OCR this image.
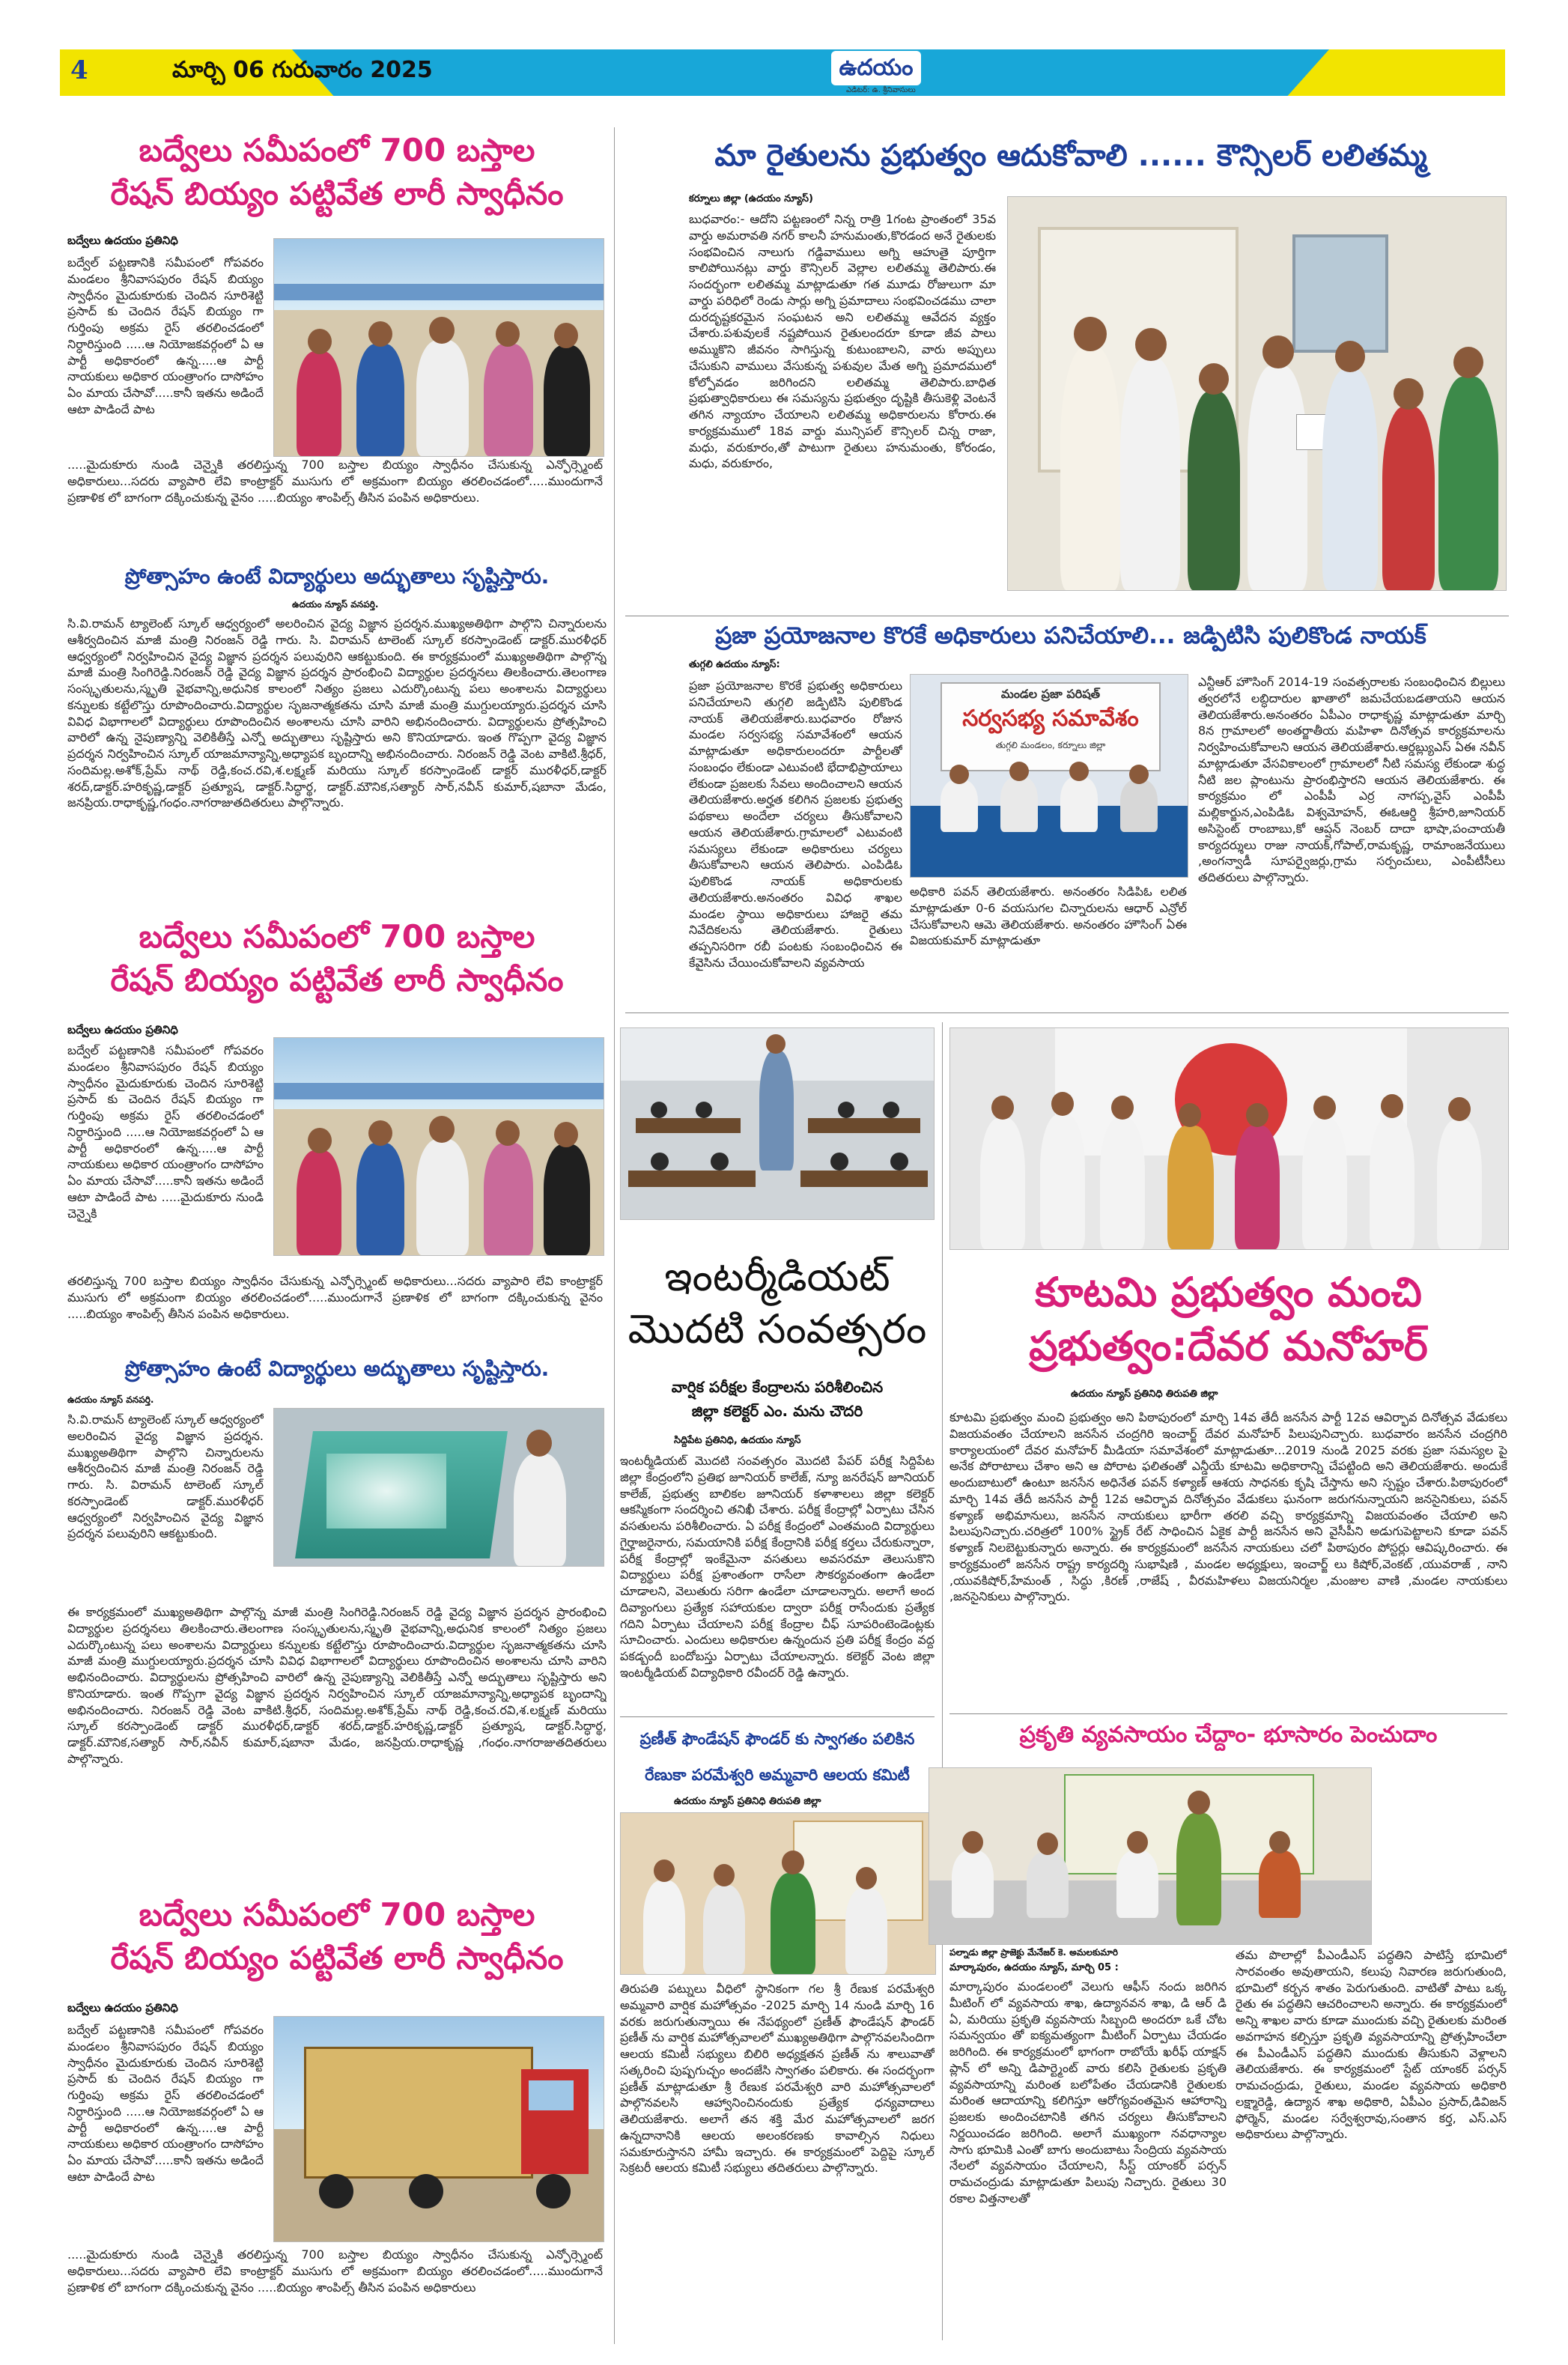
4	మార్చి 06 గురువారం 2025	ఉదయం
ఎడిటర్: ఉ. శ్రీనివాసులు
బద్వేలు సమీపంలో 700 బస్తాల
రేషన్ బియ్యం పట్టివేత లారీ స్వాధీనం
బద్వేలు ఉదయం ప్రతినిధి

బద్వేల్ పట్టణానికి సమీపంలో గోపవరం మండలం శ్రీనివాసపురం రేషన్ బియ్యం స్వాధీనం మైదుకూరుకు చెందిన సూరిశెట్టి ప్రసాద్ కు చెందిన రేషన్ బియ్యం గా గుర్తింపు అక్రమ రైస్ తరలించడంలో నిర్ధారిస్తుంది .....ఆ నియోజకవర్గంలో ఏ ఆ పార్టీ అధికారంలో ఉన్న.....ఆ పార్టీ నాయకులు అధికార యంత్రాంగం దాసోహం ఏం మాయ చేసావో.....కానీ ఇతను అడిందే ఆటా పాడిందే పాట

.....మైదుకూరు నుండి చెన్నైకి తరలిస్తున్న 700 బస్తాల బియ్యం స్వాధీనం చేసుకున్న ఎన్ఫోర్స్మెంట్ అధికారులు...సదరు వ్యాపారి లేవి కాంట్రాక్టర్ ముసుగు లో అక్రమంగా బియ్యం తరలించడంలో.....ముందుగానే ప్రణాళిక లో బాగంగా దక్కించుకున్న వైనం .....బియ్యం శాంపిల్స్ తీసిన పంపిన అధికారులు.

ప్రోత్సాహం ఉంటే విద్యార్థులు అద్భుతాలు సృష్టిస్తారు.
ఉదయం న్యూస్ వనపర్తి.

సి.వి.రామన్ ట్యాలెంట్ స్కూల్ ఆధ్వర్యంలో అలరించిన వైద్య విజ్ఞాన ప్రదర్శన.ముఖ్యఅతిథిగా పాల్గొని చిన్నారులను ఆశీర్వదించిన మాజీ మంత్రి నిరంజన్ రెడ్డి గారు. సి. విరామన్ టాలెంట్ స్కూల్ కరస్పాండెంట్ డాక్టర్.మురళీధర్ ఆధ్వర్యంలో నిర్వహించిన వైద్య విజ్ఞాన ప్రదర్శన పలువురిని ఆకట్టుకుంది. ఈ కార్యక్రమంలో ముఖ్యఅతిథిగా పాల్గొన్న మాజీ మంత్రి సింగిరెడ్డి.నిరంజన్ రెడ్డి వైద్య విజ్ఞాన ప్రదర్శన ప్రారంభించి విద్యార్థుల ప్రదర్శనలు తిలకించారు.తెలంగాణ సంస్కృతులను,స్మృతి వైభవాన్ని,అధునిక కాలంలో నిత్యం ప్రజలు ఎదుర్కొంటున్న పలు అంశాలను విద్యార్థులు కన్నులకు కట్టేలొస్తు రూపొందించారు.విద్యార్థుల సృజనాత్మకతను చూసి మాజీ మంత్రి ముగ్దులయ్యారు.ప్రదర్శన చూసి వివిధ విభాగాలలో విద్యార్థులు రూపొందించిన అంశాలను చూసి వారిని అభినందించారు. విద్యార్థులను ప్రోత్సహించి వారిలో ఉన్న నైపుణ్యాన్ని వెలికితీస్తే ఎన్నో అద్భుతాలు సృష్టిస్తారు అని కొనియాడారు. ఇంత గొప్పగా వైద్య విజ్ఞాన ప్రదర్శన నిర్వహించిన స్కూల్ యాజమాన్యాన్ని,అధ్యాపక బృందాన్ని అభినందించారు. నిరంజన్ రెడ్డి వెంట వాకిటి.శ్రీధర్, సందిమల్ల.అశోక్,ప్రేమ్ నాథ్ రెడ్డి,కంచ.రవి,శ.లక్ష్మణ్ మరియు స్కూల్ కరస్పాండెంట్ డాక్టర్ మురళీధర్,డాక్టర్ శరద్,డాక్టర్.హరికృష్ణ,డాక్టర్ ప్రత్యూష, డాక్టర్.సిద్ధార్థ, డాక్టర్.మౌనిక,సత్యార్ సార్,నవీన్ కుమార్,షబానా మేడం, జనప్రియ.రాధాకృష్ణ,గంధం.నాగరాజుతదితరులు పాల్గొన్నారు.

బద్వేలు సమీపంలో 700 బస్తాల
రేషన్ బియ్యం పట్టివేత లారీ స్వాధీనం
బద్వేలు ఉదయం ప్రతినిధి

బద్వేల్ పట్టణానికి సమీపంలో గోపవరం మండలం శ్రీనివాసపురం రేషన్ బియ్యం స్వాధీనం మైదుకూరుకు చెందిన సూరిశెట్టి ప్రసాద్ కు చెందిన రేషన్ బియ్యం గా గుర్తింపు అక్రమ రైస్ తరలించడంలో నిర్ధారిస్తుంది .....ఆ నియోజకవర్గంలో ఏ ఆ పార్టీ అధికారంలో ఉన్న.....ఆ పార్టీ నాయకులు అధికార యంత్రాంగం దాసోహం ఏం మాయ చేసావో.....కానీ ఇతను అడిందే ఆటా పాడిందే పాట .....మైదుకూరు నుండి చెన్నైకి

తరలిస్తున్న 700 బస్తాల బియ్యం స్వాధీనం చేసుకున్న ఎన్ఫోర్స్మెంట్ అధికారులు...సదరు వ్యాపారి లేవి కాంట్రాక్టర్ ముసుగు లో అక్రమంగా బియ్యం తరలించడంలో.....ముందుగానే ప్రణాళిక లో బాగంగా దక్కించుకున్న వైనం .....బియ్యం శాంపిల్స్ తీసిన పంపిన అధికారులు.

ప్రోత్సాహం ఉంటే విద్యార్థులు అద్భుతాలు సృష్టిస్తారు.
ఉదయం న్యూస్ వనపర్తి.

సి.వి.రామన్ ట్యాలెంట్ స్కూల్ ఆధ్వర్యంలో అలరించిన వైద్య విజ్ఞాన ప్రదర్శన. ముఖ్యఅతిథిగా పాల్గొని చిన్నారులను ఆశీర్వదించిన మాజీ మంత్రి నిరంజన్ రెడ్డి గారు. సి. విరామన్ టాలెంట్ స్కూల్ కరస్పాండెంట్ డాక్టర్.మురళీధర్ ఆధ్వర్యంలో నిర్వహించిన వైద్య విజ్ఞాన ప్రదర్శన పలువురిని ఆకట్టుకుంది.

ఈ కార్యక్రమంలో ముఖ్యఅతిథిగా పాల్గొన్న మాజీ మంత్రి సింగిరెడ్డి.నిరంజన్ రెడ్డి వైద్య విజ్ఞాన ప్రదర్శన ప్రారంభించి విద్యార్థుల ప్రదర్శనలు తిలకించారు.తెలంగాణ సంస్కృతులను,స్మృతి వైభవాన్ని,అధునిక కాలంలో నిత్యం ప్రజలు ఎదుర్కొంటున్న పలు అంశాలను విద్యార్థులు కన్నులకు కట్టేలొస్తు రూపొందించారు.విద్యార్థుల సృజనాత్మకతను చూసి మాజీ మంత్రి ముగ్దులయ్యారు.ప్రదర్శన చూసి వివిధ విభాగాలలో విద్యార్థులు రూపొందించిన అంశాలను చూసి వారిని అభినందించారు. విద్యార్థులను ప్రోత్సహించి వారిలో ఉన్న నైపుణ్యాన్ని వెలికితీస్తే ఎన్నో అద్భుతాలు సృష్టిస్తారు అని కొనియాడారు. ఇంత గొప్పగా వైద్య విజ్ఞాన ప్రదర్శన నిర్వహించిన స్కూల్ యాజమాన్యాన్ని,అధ్యాపక బృందాన్ని అభినందించారు. నిరంజన్ రెడ్డి వెంట వాకిటి.శ్రీధర్, సందిమల్ల.అశోక్,ప్రేమ్ నాథ్ రెడ్డి,కంచ.రవి,శ.లక్ష్మణ్ మరియు స్కూల్ కరస్పాండెంట్ డాక్టర్ మురళీధర్,డాక్టర్ శరద్,డాక్టర్.హరికృష్ణ,డాక్టర్ ప్రత్యూష, డాక్టర్.సిద్ధార్థ, డాక్టర్.మౌనిక,సత్యార్ సార్,నవీన్ కుమార్,షబానా మేడం, జనప్రియ.రాధాకృష్ణ ,గంధం.నాగరాజుతదితరులు పాల్గొన్నారు.

బద్వేలు సమీపంలో 700 బస్తాల
రేషన్ బియ్యం పట్టివేత లారీ స్వాధీనం
బద్వేలు ఉదయం ప్రతినిధి

బద్వేల్ పట్టణానికి సమీపంలో గోపవరం మండలం శ్రీనివాసపురం రేషన్ బియ్యం స్వాధీనం మైదుకూరుకు చెందిన సూరిశెట్టి ప్రసాద్ కు చెందిన రేషన్ బియ్యం గా గుర్తింపు అక్రమ రైస్ తరలించడంలో నిర్ధారిస్తుంది .....ఆ నియోజకవర్గంలో ఏ ఆ పార్టీ అధికారంలో ఉన్న.....ఆ పార్టీ నాయకులు అధికార యంత్రాంగం దాసోహం ఏం మాయ చేసావో.....కానీ ఇతను అడిందే ఆటా పాడిందే పాట

.....మైదుకూరు నుండి చెన్నైకి తరలిస్తున్న 700 బస్తాల బియ్యం స్వాధీనం చేసుకున్న ఎన్ఫోర్స్మెంట్ అధికారులు...సదరు వ్యాపారి లేవి కాంట్రాక్టర్ ముసుగు లో అక్రమంగా బియ్యం తరలించడంలో.....ముందుగానే ప్రణాళిక లో బాగంగా దక్కించుకున్న వైనం .....బియ్యం శాంపిల్స్ తీసిన పంపిన అధికారులు

మా రైతులను ప్రభుత్వం ఆదుకోవాలి ...... కౌన్సిలర్ లలితమ్మ
కర్నూలు జిల్లా (ఉదయం న్యూస్)

బుధవారం:- ఆదోని పట్టణంలో నిన్న రాత్రి 1గంట ప్రాంతంలో 35వ వార్డు అమరావతి నగర్ కాలనీ హనుమంతు,కొరడంద అనే రైతులకు సంభవించిన నాలుగు గడ్డివాములు అగ్ని ఆహుతై పూర్తిగా కాలిపోయినట్లు వార్డు కౌన్సిలర్ వెల్లాల లలితమ్మ తెలిపారు.ఈ సందర్భంగా లలితమ్మ మాట్లాడుతూ గత మూడు రోజులుగా మా వార్డు పరిధిలో రెండు సార్లు అగ్ని ప్రమాదాలు సంభవించడము చాలా దురదృష్టకరమైన సంఘటన అని లలితమ్మ ఆవేదన వ్యక్తం చేశారు.పశువులకే నష్టపోయిన రైతులందరూ కూడా జీవ పాలు అమ్ముకొని జీవనం సాగిస్తున్న కుటుంబాలని, వారు అప్పులు చేసుకుని వాములు వేసుకున్న పశువుల మేత అగ్ని ప్రమాదములో కోల్పోవడం జరిగిందని లలితమ్మ తెలిపారు.బాధిత ప్రభుత్వాధికారులు ఈ సమస్యను ప్రభుత్వం దృష్టికి తీసుకెళ్లి వెంటనే తగిన న్యాయాం చేయాలని లలితమ్మ అధికారులను కోరారు.ఈ కార్యక్రమములో 18వ వార్డు మున్సిపల్ కౌన్సిలర్ చిన్న రాజా, మధు, వరుకూరం,తో పాటుగా రైతులు హనుమంతు, కోరండం, మధు, వరుకూరం,

ప్రజా ప్రయోజనాల కొరకే అధికారులు పనిచేయాలి... జడ్పిటిసి పులికొండ నాయక్
తుగ్గలి ఉదయం న్యూస్:
మండల ప్రజా పరిషత్
సర్వసభ్య సమావేశం
తుగ్గలి మండలం, కర్నూలు జిల్లా

ప్రజా ప్రయోజనాల కొరకే ప్రభుత్వ అధికారులు పనిచేయాలని తుగ్గలి జడ్పిటిసి పులికొండ నాయక్ తెలియజేశారు.బుధవారం రోజున మండల సర్వసభ్య సమావేశంలో ఆయన మాట్లాడుతూ అధికారులందరూ పార్టీలతో సంబంధం లేకుండా ఎటువంటి భేదాభిప్రాయాలు లేకుండా ప్రజలకు సేవలు అందించాలని ఆయన తెలియజేశారు.అర్హత కలిగిన ప్రజలకు ప్రభుత్వ పథకాలు అందేలా చర్యలు తీసుకోవాలని ఆయన తెలియజేశారు.గ్రామాలలో ఎటువంటి సమస్యలు లేకుండా అధికారులు చర్యలు తీసుకోవాలని ఆయన తెలిపారు. ఎంపిడిఓ పులికొండ నాయక్ అధికారులకు తెలియజేశారు.అనంతరం వివిధ శాఖల మండల స్థాయి అధికారులు హాజరై తమ నివేదికలను తెలియజేశారు. రైతులు తప్పనిసరిగా రబీ పంటకు సంబంధించిన ఈ కేవైసిను చేయించుకోవాలని వ్యవసాయ

అధికారి పవన్ తెలియజేశారు. అనంతరం సిడిపిఓ లలిత మాట్లాడుతూ 0-6 వయసుగల చిన్నారులను ఆధార్ ఎన్రోల్ చేసుకోవాలని ఆమె తెలియజేశారు. అనంతరం హౌసింగ్ ఏఈ విజయకుమార్ మాట్లాడుతూ

ఎన్టీఆర్ హౌసింగ్ 2014-19 సంవత్సరాలకు సంబంధించిన బిల్లులు త్వరలోనే లబ్ధిదారుల ఖాతాలో జమచేయబడతాయని ఆయన తెలియజేశారు.అనంతరం ఏపీఎం రాధాకృష్ణ మాట్లాడుతూ మార్చి 8న గ్రామాలలో అంతర్జాతీయ మహిళా దినోత్సవ కార్యక్రమాలను నిర్వహించుకోవాలని ఆయన తెలియజేశారు.ఆర్డబ్ల్యుఎస్ ఏఈ నవీన్ మాట్లాడుతూ వేసవికాలంలో గ్రామాలలో నీటి సమస్య లేకుండా శుద్ధ నీటి జల ప్లాంటును ప్రారంభిస్తారని ఆయన తెలియజేశారు. ఈ కార్యక్రమం లో ఎంపీపీ ఎర్ర నాగప్ప,వైస్ ఎంపీపీ మల్లికార్జున,ఎంపిడిఓ విశ్వమోహన్, ఈఓఆర్డి శ్రీహరి,జూనియర్ అసిస్టెంట్ రాంబాబు,కో ఆప్షన్ నెంబర్ దాదా భాషా,పంచాయతీ కార్యదర్శులు రాజు నాయక్,గోపాల్,రామకృష్ణ, రామాంజనేయులు ,అంగన్వాడీ సూపర్వైజర్లు,గ్రామ సర్పంచులు, ఎంపీటీసీలు తదితరులు పాల్గొన్నారు.

ఇంటర్మీడియట్
మొదటి సంవత్సరం
వార్షిక పరీక్షల కేంద్రాలను పరిశీలించిన
జిల్లా కలెక్టర్ ఎం. మను చౌదరి
సిద్దిపేట ప్రతినిధి, ఉదయం న్యూస్

ఇంటర్మీడియట్ మొదటి సంవత్సరం మొదటి పేపర్ పరీక్ష సిద్దిపేట జిల్లా కేంద్రంలోని ప్రతిభ జూనియర్ కాలేజ్, న్యూ జనరేషన్ జూనియర్ కాలేజ్, ప్రభుత్వ బాలికల జూనియర్ కళాశాలలు జిల్లా కలెక్టర్ ఆకస్మికంగా సందర్శించి తనిఖీ చేశారు. పరీక్ష కేంద్రాల్లో ఏర్పాటు చేసిన వసతులను పరిశీలించారు. ఏ పరీక్ష కేంద్రంలో ఎంతమంది విద్యార్థులు గైర్హాజరైనారు, సమయానికి పరీక్ష కేంద్రానికి పరీక్ష కర్తలు చేరుకున్నారా, పరీక్ష కేంద్రాల్లో ఇంకేమైనా వసతులు అవసరమా తెలుసుకొని విద్యార్థులు పరీక్ష ప్రశాంతంగా రాసేలా సౌకర్యవంతంగా ఉండేలా చూడాలని, వెలుతురు సరిగా ఉండేలా చూడాలన్నారు. అలాగే అంద దివ్యాంగులు ప్రత్యేక సహాయకుల ద్వారా పరీక్ష రాసేందుకు ప్రత్యేక గదిని ఏర్పాటు చేయాలని పరీక్ష కేంద్రాల చీఫ్ సూపరింటెండెంట్లకు సూచించారు. ఎందులు అధికారుల ఉన్నందున ప్రతి పరీక్ష కేంద్రం వద్ద పకడ్బందీ బందోబస్తు ఏర్పాటు చేయాలన్నారు. కలెక్టర్ వెంట జిల్లా ఇంటర్మీడియట్ విద్యాధికారి రవీందర్ రెడ్డి ఉన్నారు.

ప్రణీత్ ఫౌండేషన్ ఫౌండర్ కు స్వాగతం పలికిన
రేణుకా పరమేశ్వరి అమ్మవారి ఆలయ కమిటీ
ఉదయం న్యూస్ ప్రతినిధి తిరుపతి జిల్లా

తిరుపతి పట్నులు వీధిలో స్థానికంగా గల శ్రీ రేణుక పరమేశ్వరి అమ్మవారి వార్షిక మహోత్సవం -2025 మార్చి 14 నుండి మార్చి 16 వరకు జరుగుతున్నాయి ఈ నేపథ్యంలో ప్రణీత్ ఫౌండేషన్ ఫౌండర్ ప్రణీత్ ను వార్షిక మహోత్సవాలలో ముఖ్యఅతిథిగా పాల్గొనవలసిందిగా ఆలయ కమిటీ సభ్యులు బిలిరి అధ్యక్షతన ప్రణీత్ ను శాలువాతో సత్కరించి పుష్పగుచ్ఛం అందజేసి స్వాగతం పలికారు. ఈ సందర్భంగా ప్రణీత్ మాట్లాడుతూ శ్రీ రేణుక పరమేశ్వరి వారి మహోత్సవాలలో పాల్గొనవలసి ఆహ్వానించినందుకు ప్రత్యేక ధన్యవాదాలు తెలియజేశారు. అలాగే తన శక్తి మేర మహోత్సవాలలో జరగ ఉన్నదానానికి ఆలయ అలంకరణకు కావాల్సిన నిధులు సమకూరుస్తానని హామీ ఇచ్చారు. ఈ కార్యక్రమంలో పెద్దిపై స్కూల్ సెక్రటరీ ఆలయ కమిటీ సభ్యులు తదితరులు పాల్గొన్నారు.

కూటమి ప్రభుత్వం మంచి
ప్రభుత్వం:దేవర మనోహర్
ఉదయం న్యూస్ ప్రతినిధి తిరుపతి జిల్లా

కూటమి ప్రభుత్వం మంచి ప్రభుత్వం అని పిఠాపురంలో మార్చి 14వ తేదీ జనసేన పార్టీ 12వ ఆవిర్భావ దినోత్సవ వేడుకలు విజయవంతం చేయాలని జనసేన చంద్రగిరి ఇంచార్జ్ దేవర మనోహర్ పిలుపునిచ్చారు. బుధవారం జనసేన చంద్రగిరి కార్యాలయంలో దేవర మనోహర్ మీడియా సమావేశంలో మాట్లాడుతూ...2019 నుండి 2025 వరకు ప్రజా సమస్యల పై అనేక పోరాటాలు చేశాం అని ఆ పోరాట ఫలితంతో ఎన్డీయే కూటమి అధికారాన్ని చేపట్టింది అని తెలియజేశారు. అందుకే అందుబాటులో ఉంటూ జనసేన అధినేత పవన్ కళ్యాణ్ ఆశయ సాధనకు కృషి చేస్తాను అని స్పష్టం చేశారు.పిఠాపురంలో మార్చి 14వ తేదీ జనసేన పార్టీ 12వ ఆవిర్భావ దినోత్సవం వేడుకలు ఘనంగా జరుగనున్నాయని జనసైనికులు, పవన్ కళ్యాణ్ అభిమానులు, జనసేన నాయకులు భారీగా తరలి వచ్చి కార్యక్రమాన్ని విజయవంతం చేయాలి అని పిలుపునిచ్చారు.చరిత్రలో 100% స్ట్రైక్ రేట్ సాధించిన ఏకైక పార్టీ జనసేన అని వైసీపీని అడుగుపెట్టాలని కూడా పవన్ కళ్యాణ్ నిలబెట్టుకున్నారు అన్నారు. ఈ కార్యక్రమంలో జనసేన నాయకులు చలో పిఠాపురం పోస్టర్లు ఆవిష్కరించారు. ఈ కార్యక్రమంలో జనసేన రాష్ట్ర కార్యదర్శి సుభాషిణి , మండల అధ్యక్షులు, ఇంచార్జ్ లు కిషోర్,వెంకట్ ,యువరాజ్ , నాని ,యువకిషోర్,హేమంత్ , సిద్ధు ,కిరణ్ ,రాజేష్ , వీరమహిళలు విజయనిర్మల ,మంజుల వాణి ,మండల నాయకులు ,జనసైనికులు పాల్గొన్నారు.

ప్రకృతి వ్యవసాయం చేద్దాం- భూసారం పెంచుదాం
పల్నాడు జిల్లా ప్రాజెక్టు మేనేజర్ కె. అమలకుమారి
మార్కాపురం, ఉదయం న్యూస్, మార్చి 05 :

మార్కాపురం మండలంలో వెలుగు ఆఫీస్ నందు జరిగిన మీటింగ్ లో వ్యవసాయ శాఖ, ఉద్యానవన శాఖ, డి ఆర్ డి ఏ, మరియు ప్రకృతి వ్యవసాయ సిబ్బంది అందరూ ఒకే చోట సమన్వయం తో ఐక్యమత్యంగా మీటింగ్ ఏర్పాటు చేయడం జరిగింది. ఈ కార్యక్రమంలో భాగంగా రాబోయే ఖరీఫ్ యాక్షన్ ప్లాన్ లో అన్ని డిపార్ట్మెంట్ వారు కలిసి రైతులకు ప్రకృతి వ్యవసాయాన్ని మరింత బలోపేతం చేయడానికి రైతులకు మరింత ఆదాయాన్ని కలిగిస్తూ ఆరోగ్యవంతమైన ఆహారాన్ని ప్రజలకు అందించటానికి తగిన చర్యలు తీసుకోవాలని నిర్ణయించడం జరిగింది. అలాగే ముఖ్యంగా నవధాన్యాల సాగు భూమికి ఎంతో బాగు అందుబాటు సేంద్రియ వ్యవసాయ నేలలో వ్యవసాయం చేయాలని, సీస్ట్ యాంకర్ పర్సన్ రామచంద్రుడు మాట్లాడుతూ పిలుపు నిచ్చారు. రైతులు 30 రకాల విత్తనాలతో

తమ పొలాల్లో పీఎండీఎస్ పద్ధతిని పాటిస్తే భూమిలో సారవంతం అవుతాయని, కలుపు నివారణ జరుగుతుంది, భూమిలో కర్బన శాతం పెరుగుతుంది. వాటితో పాటు ఒక్క రైతు ఈ పద్ధతిని ఆచరించాలని అన్నారు. ఈ కార్యక్రమంలో అన్ని శాఖల వారు కూడా ముందుకు వచ్చి రైతులకు మరింత అవగాహన కల్పిస్తూ ప్రకృతి వ్యవసాయాన్ని ప్రోత్సహించేలా ఈ పీఎండీఎస్ పద్ధతిని ముందుకు తీసుకుని వెళ్లాలని తెలియజేశారు. ఈ కార్యక్రమంలో స్టేట్ యాంకర్ పర్సన్ రామచంద్రుడు, రైతులు, మండల వ్యవసాయ అధికారి లక్ష్మారెడ్డి, ఉద్యాన శాఖ అధికారి, ఏపీఎం ప్రసాద్,డివిజన్ ఫోర్మెన్, మండల సర్వేశ్వరావు,సంతాన కర్త, ఎస్.ఎస్ అధికారులు పాల్గొన్నారు.
